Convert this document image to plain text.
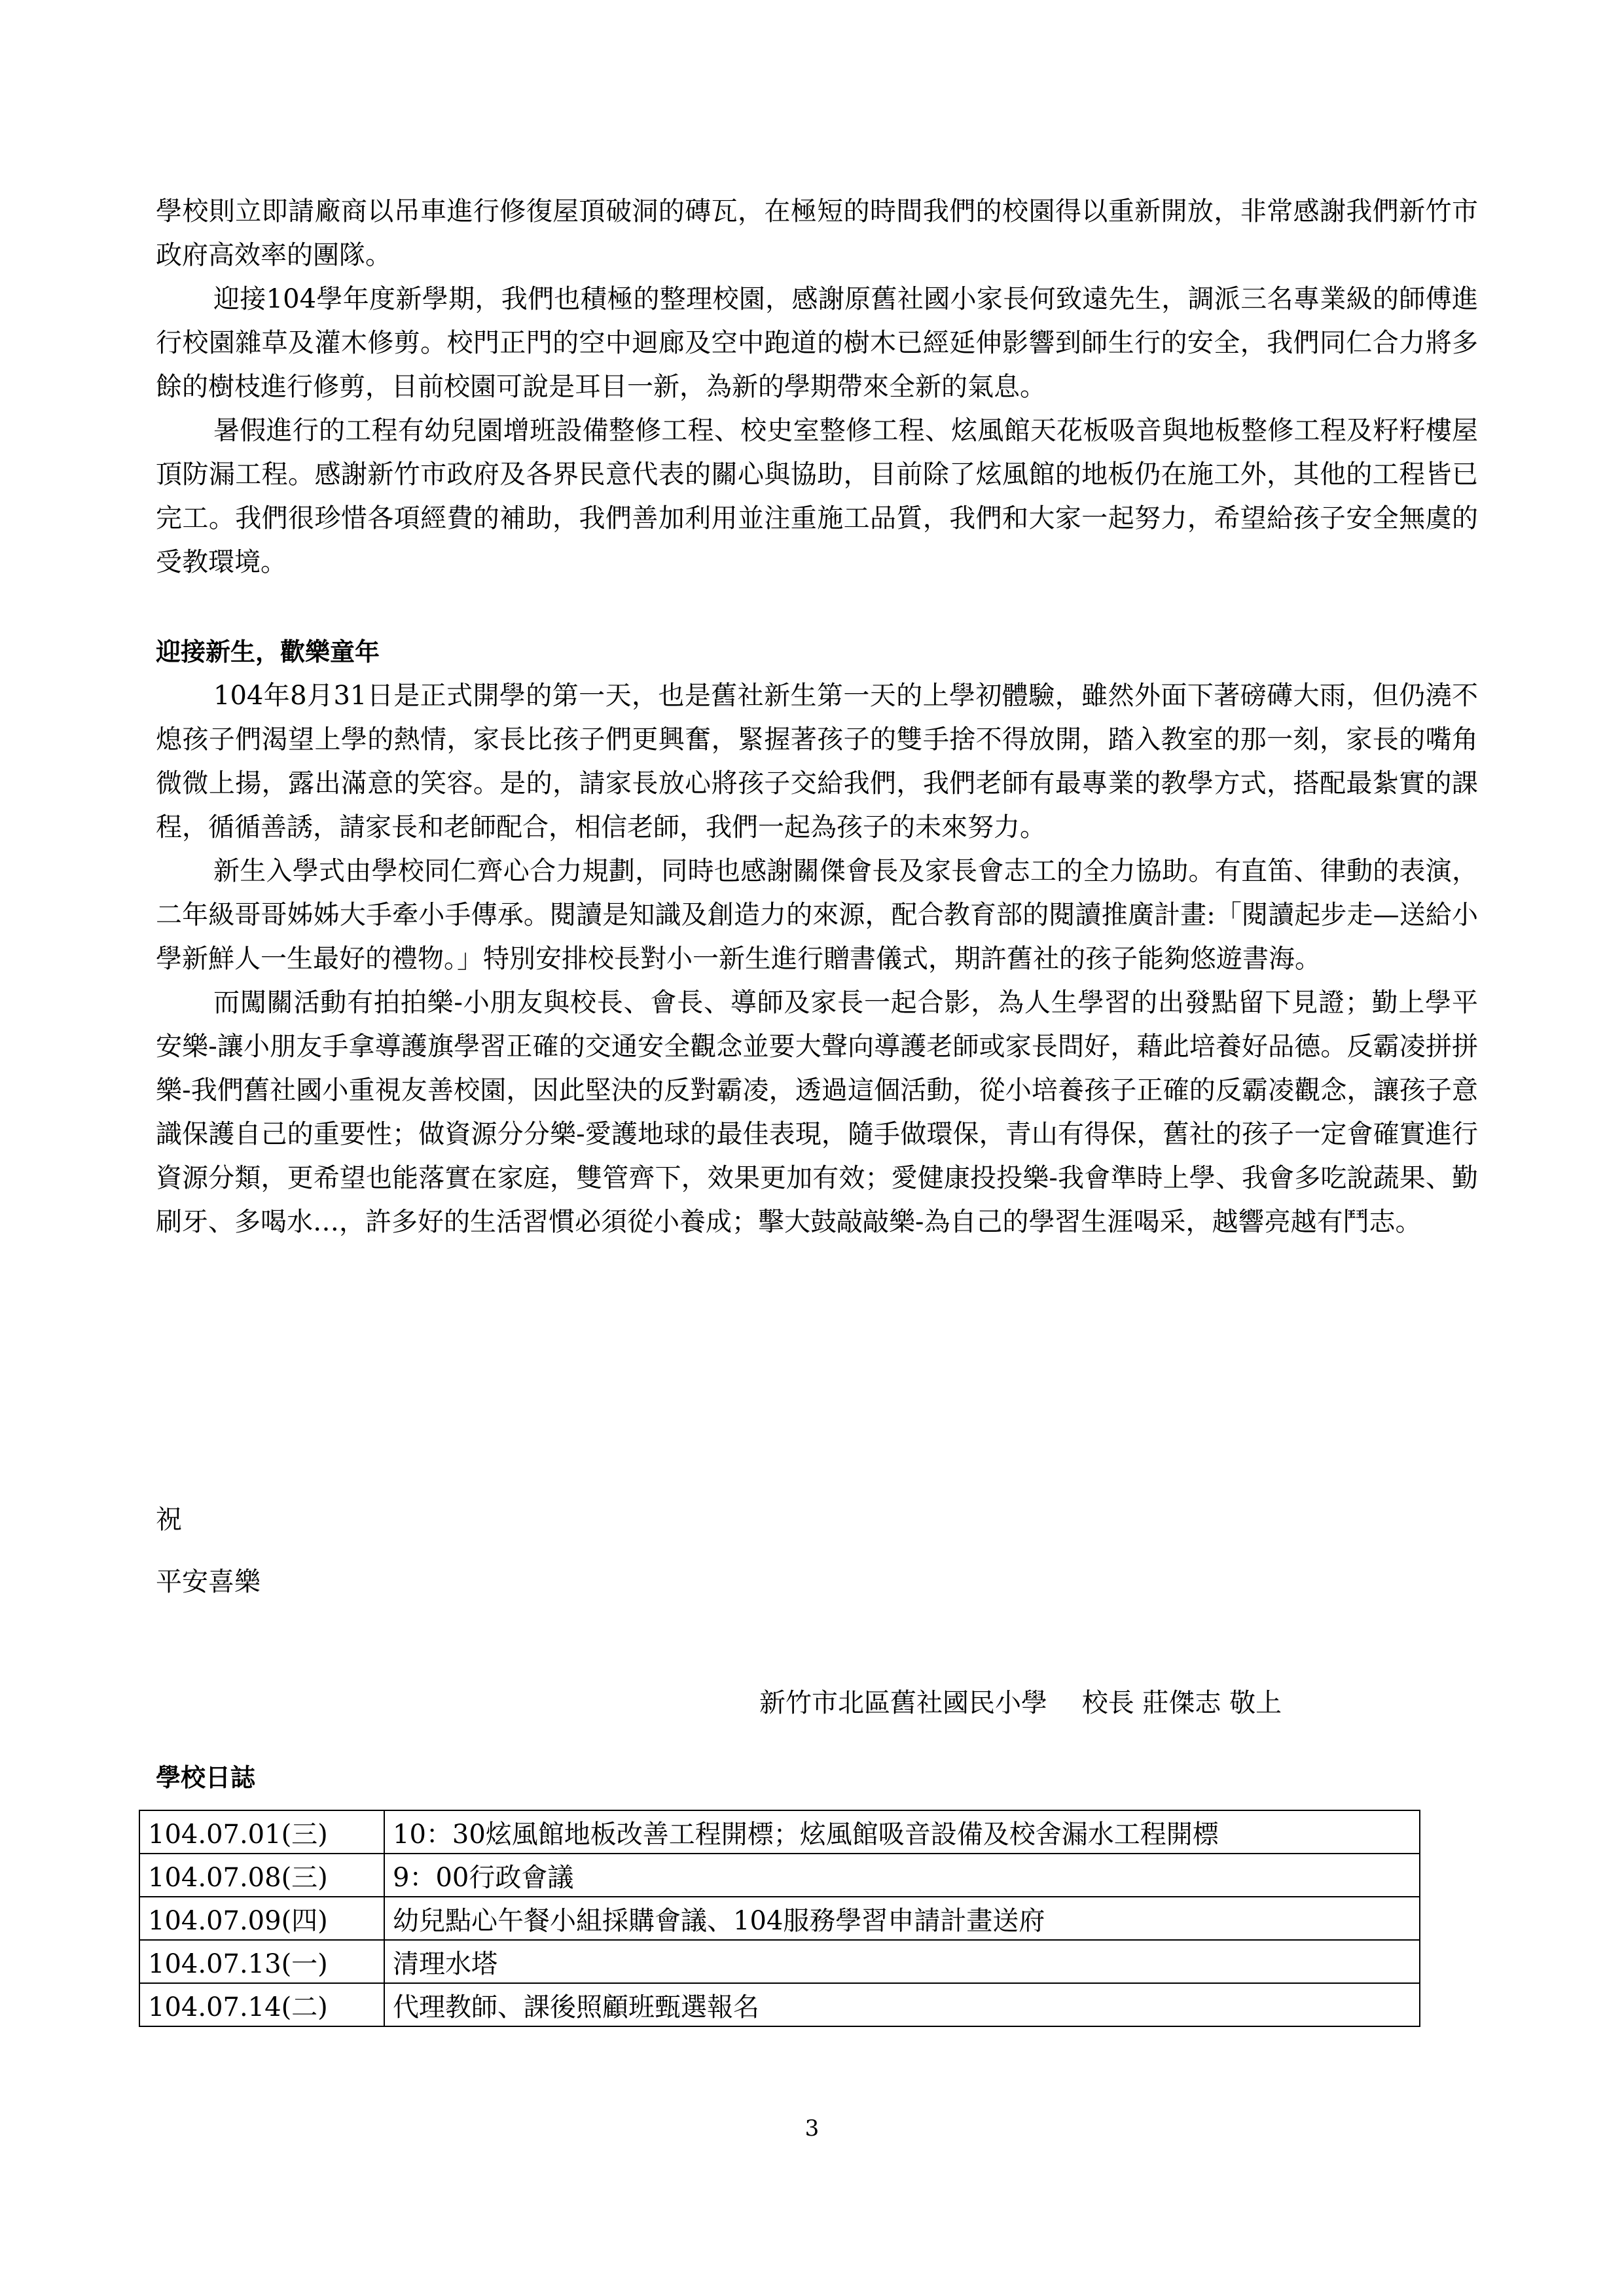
學校則立即請廠商以吊車進行修復屋頂破洞的磚瓦，在極短的時間我們的校園得以重新開放，非常感謝我們新竹市政府高效率的團隊。

迎接104學年度新學期，我們也積極的整理校園，感謝原舊社國小家長何致遠先生，調派三名專業級的師傅進行校園雜草及灌木修剪。校門正門的空中迴廊及空中跑道的樹木已經延伸影響到師生行的安全，我們同仁合力將多餘的樹枝進行修剪，目前校園可說是耳目一新，為新的學期帶來全新的氣息。

暑假進行的工程有幼兒園增班設備整修工程、校史室整修工程、炫風館天花板吸音與地板整修工程及籽籽樓屋頂防漏工程。感謝新竹市政府及各界民意代表的關心與協助，目前除了炫風館的地板仍在施工外，其他的工程皆已完工。我們很珍惜各項經費的補助，我們善加利用並注重施工品質，我們和大家一起努力，希望給孩子安全無虞的受教環境。

迎接新生，歡樂童年

104年8月31日是正式開學的第一天，也是舊社新生第一天的上學初體驗，雖然外面下著磅礡大雨，但仍澆不熄孩子們渴望上學的熱情，家長比孩子們更興奮，緊握著孩子的雙手捨不得放開，踏入教室的那一刻，家長的嘴角微微上揚，露出滿意的笑容。是的，請家長放心將孩子交給我們，我們老師有最專業的教學方式，搭配最紮實的課程，循循善誘，請家長和老師配合，相信老師，我們一起為孩子的未來努力。

新生入學式由學校同仁齊心合力規劃，同時也感謝關傑會長及家長會志工的全力協助。有直笛、律動的表演，二年級哥哥姊姊大手牽小手傳承。閱讀是知識及創造力的來源，配合教育部的閱讀推廣計畫:「閱讀起步走—送給小學新鮮人一生最好的禮物。」特別安排校長對小一新生進行贈書儀式，期許舊社的孩子能夠悠遊書海。

而闖關活動有拍拍樂-小朋友與校長、會長、導師及家長一起合影，為人生學習的出發點留下見證；勤上學平安樂-讓小朋友手拿導護旗學習正確的交通安全觀念並要大聲向導護老師或家長問好，藉此培養好品德。反霸凌拼拼樂-我們舊社國小重視友善校園，因此堅決的反對霸凌，透過這個活動，從小培養孩子正確的反霸凌觀念，讓孩子意識保護自己的重要性；做資源分分樂-愛護地球的最佳表現，隨手做環保，青山有得保，舊社的孩子一定會確實進行資源分類，更希望也能落實在家庭，雙管齊下，效果更加有效；愛健康投投樂-我會準時上學、我會多吃說蔬果、勤刷牙、多喝水…，許多好的生活習慣必須從小養成；擊大鼓敲敲樂-為自己的學習生涯喝采，越響亮越有鬥志。

祝
平安喜樂
新竹市北區舊社國民小學　 校長 莊傑志 敬上
學校日誌
104.07.01(三)	10：30炫風館地板改善工程開標；炫風館吸音設備及校舍漏水工程開標
104.07.08(三)	9：00行政會議
104.07.09(四)	幼兒點心午餐小組採購會議、104服務學習申請計畫送府
104.07.13(一)	清理水塔
104.07.14(二)	代理教師、課後照顧班甄選報名
3
